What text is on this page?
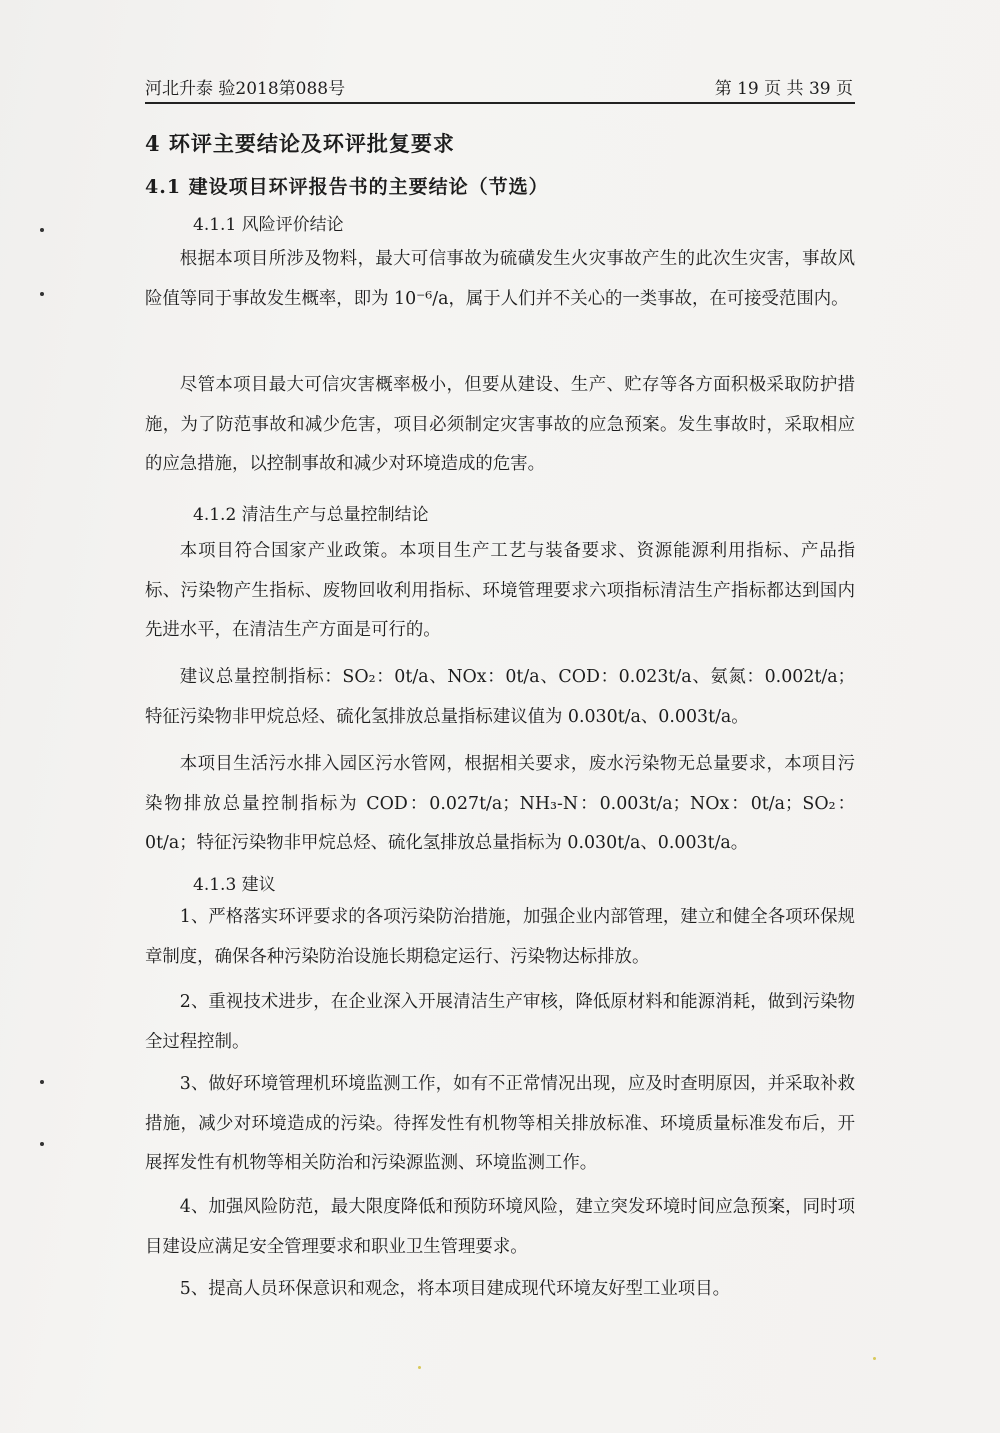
河北升泰 验2018第088号	第 19 页 共 39 页
4 环评主要结论及环评批复要求
4.1 建设项目环评报告书的主要结论（节选）
4.1.1 风险评价结论

根据本项目所涉及物料，最大可信事故为硫磺发生火灾事故产生的此次生灾害，事故风险值等同于事故发生概率，即为 10⁻⁶/a，属于人们并不关心的一类事故，在可接受范围内。

尽管本项目最大可信灾害概率极小，但要从建设、生产、贮存等各方面积极采取防护措施，为了防范事故和减少危害，项目必须制定灾害事故的应急预案。发生事故时，采取相应的应急措施，以控制事故和减少对环境造成的危害。

4.1.2 清洁生产与总量控制结论

本项目符合国家产业政策。本项目生产工艺与装备要求、资源能源利用指标、产品指标、污染物产生指标、废物回收利用指标、环境管理要求六项指标清洁生产指标都达到国内先进水平，在清洁生产方面是可行的。

建议总量控制指标：SO₂：0t/a、NOx：0t/a、COD：0.023t/a、氨氮：0.002t/a；特征污染物非甲烷总烃、硫化氢排放总量指标建议值为 0.030t/a、0.003t/a。

本项目生活污水排入园区污水管网，根据相关要求，废水污染物无总量要求，本项目污染物排放总量控制指标为 COD：0.027t/a；NH₃-N：0.003t/a；NOx：0t/a；SO₂：0t/a；特征污染物非甲烷总烃、硫化氢排放总量指标为 0.030t/a、0.003t/a。

4.1.3 建议

1、严格落实环评要求的各项污染防治措施，加强企业内部管理，建立和健全各项环保规章制度，确保各种污染防治设施长期稳定运行、污染物达标排放。

2、重视技术进步，在企业深入开展清洁生产审核，降低原材料和能源消耗，做到污染物全过程控制。

3、做好环境管理机环境监测工作，如有不正常情况出现，应及时查明原因，并采取补救措施，减少对环境造成的污染。待挥发性有机物等相关排放标准、环境质量标准发布后，开展挥发性有机物等相关防治和污染源监测、环境监测工作。

4、加强风险防范，最大限度降低和预防环境风险，建立突发环境时间应急预案，同时项目建设应满足安全管理要求和职业卫生管理要求。

5、提高人员环保意识和观念，将本项目建成现代环境友好型工业项目。
